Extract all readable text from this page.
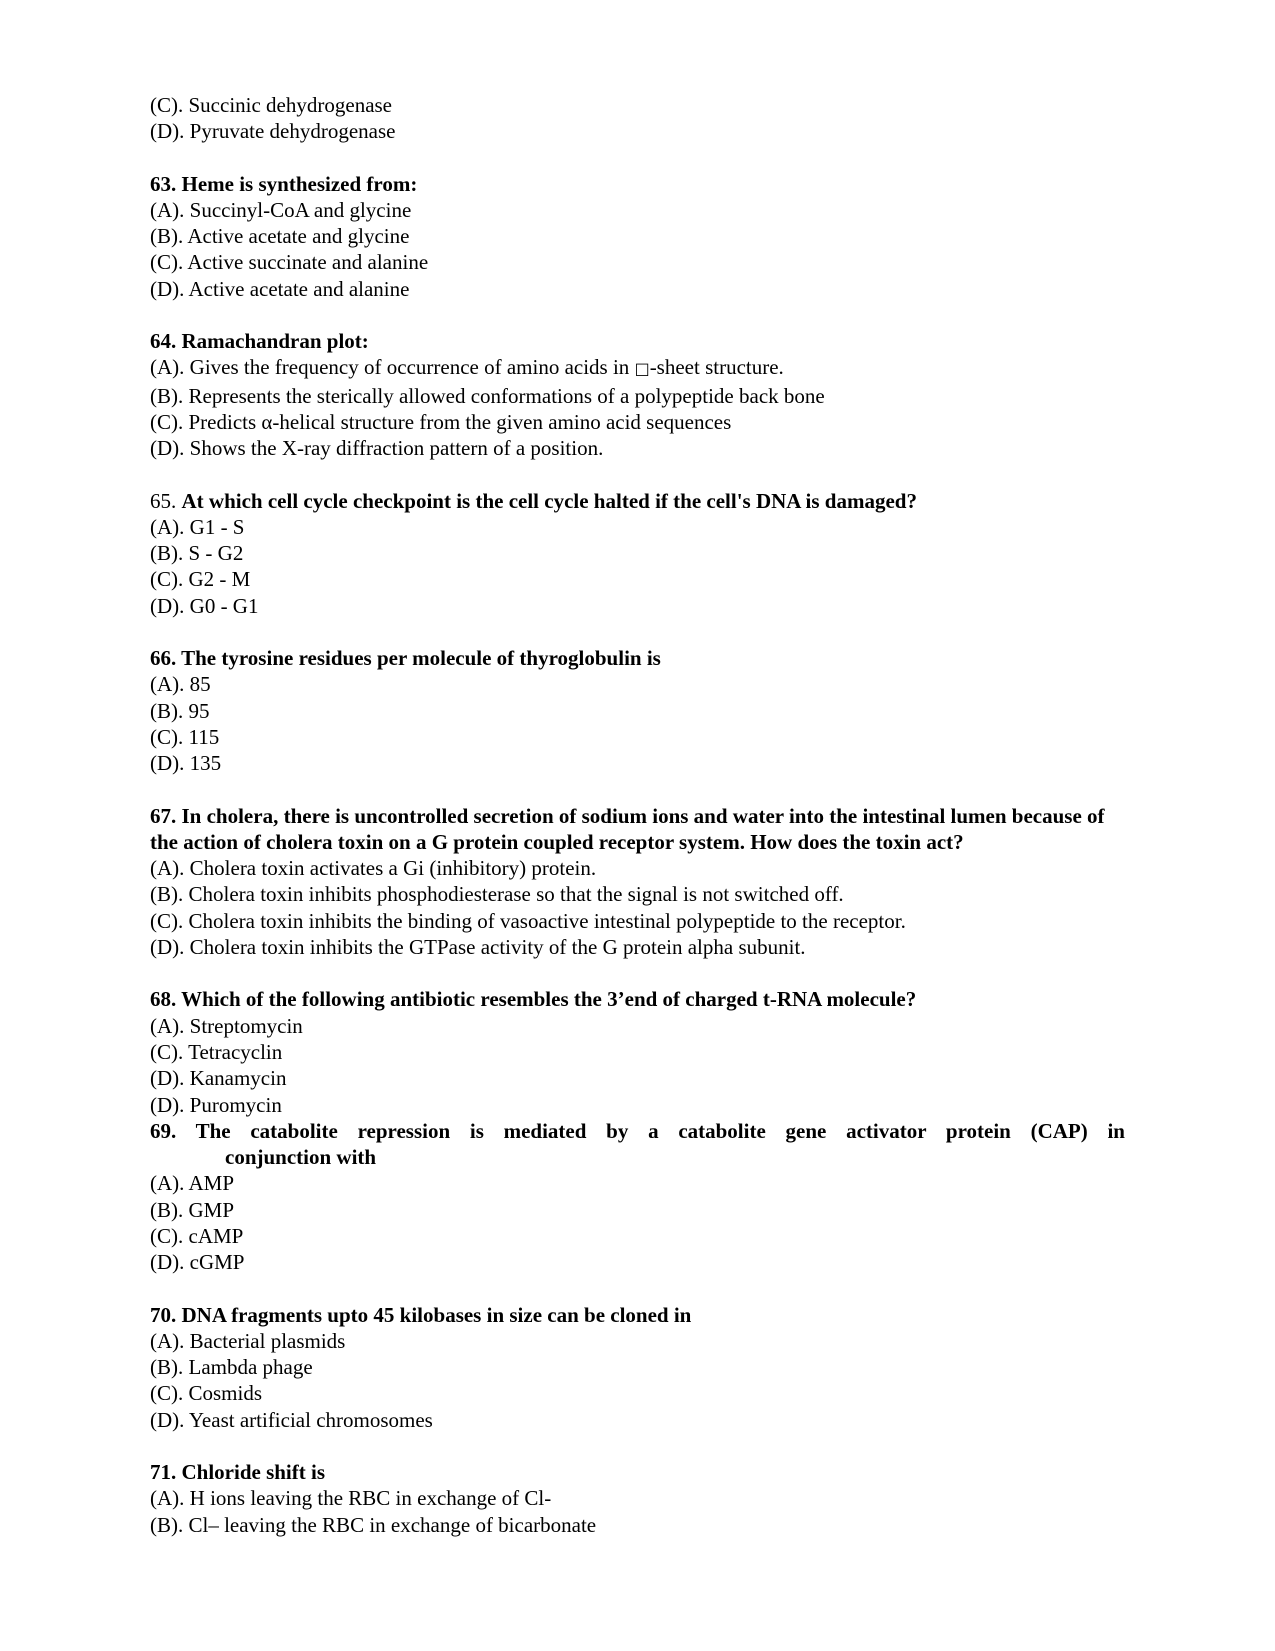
(C). Succinic dehydrogenase
(D). Pyruvate dehydrogenase
63. Heme is synthesized from:
(A). Succinyl-CoA and glycine
(B). Active acetate and glycine
(C). Active succinate and alanine
(D). Active acetate and alanine
64. Ramachandran plot:
(A). Gives the frequency of occurrence of amino acids in □-sheet structure.
(B). Represents the sterically allowed conformations of a polypeptide back bone
(C). Predicts α-helical structure from the given amino acid sequences
(D). Shows the X-ray diffraction pattern of a position.
65. At which cell cycle checkpoint is the cell cycle halted if the cell's DNA is damaged?
(A). G1 - S
(B). S - G2
(C). G2 - M
(D). G0 - G1
66. The tyrosine residues per molecule of thyroglobulin is
(A). 85
(B). 95
(C). 115
(D). 135
67. In cholera, there is uncontrolled secretion of sodium ions and water into the intestinal lumen because of the action of cholera toxin on a G protein coupled receptor system. How does the toxin act?
(A). Cholera toxin activates a Gi (inhibitory) protein.
(B). Cholera toxin inhibits phosphodiesterase so that the signal is not switched off.
(C). Cholera toxin inhibits the binding of vasoactive intestinal polypeptide to the receptor.
(D). Cholera toxin inhibits the GTPase activity of the G protein alpha subunit.
68. Which of the following antibiotic resembles the 3’end of charged t-RNA molecule?
(A). Streptomycin
(C). Tetracyclin
(D). Kanamycin
(D). Puromycin
69. The catabolite repression is mediated by a catabolite gene activator protein (CAP) in
conjunction with
(A). AMP
(B). GMP
(C). cAMP
(D). cGMP
70. DNA fragments upto 45 kilobases in size can be cloned in
(A). Bacterial plasmids
(B). Lambda phage
(C). Cosmids
(D). Yeast artificial chromosomes
71. Chloride shift is
(A). H ions leaving the RBC in exchange of Cl-
(B). Cl– leaving the RBC in exchange of bicarbonate
